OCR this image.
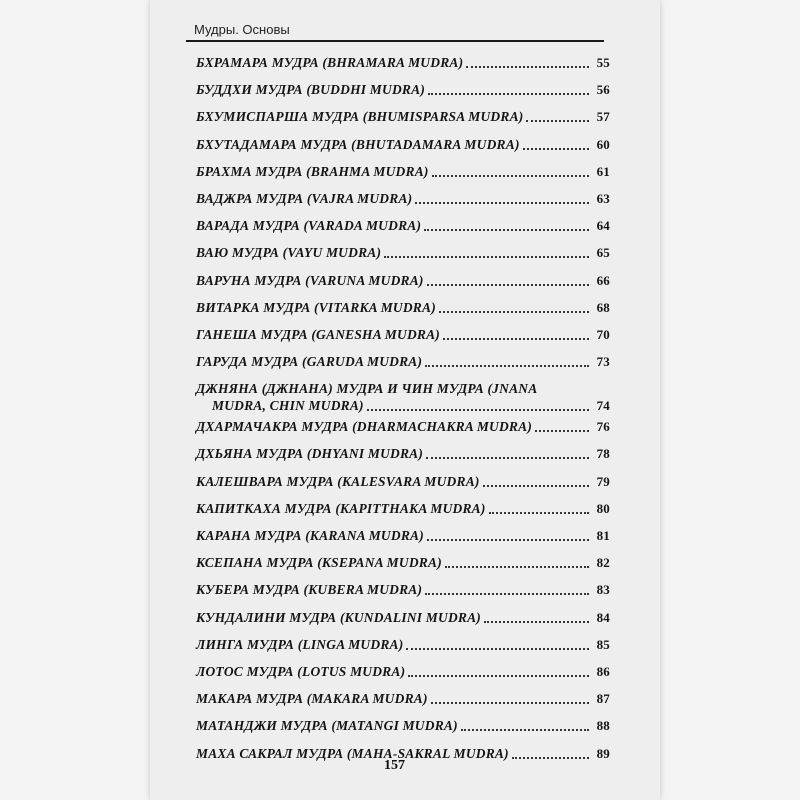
Мудры. Основы
БХРАМАРА МУДРА (BHRAMARA MUDRA)	55
БУДДХИ МУДРА (BUDDHI MUDRA)	56
БХУМИСПАРША МУДРА (BHUMISPARSA MUDRA)	57
БХУТАДАМАРА МУДРА (BHUTADAMARA MUDRA)	60
БРАХМА МУДРА (BRAHMA MUDRA)	61
ВАДЖРА МУДРА (VAJRA MUDRA)	63
ВАРАДА МУДРА (VARADA MUDRA)	64
ВАЮ МУДРА (VAYU MUDRA)	65
ВАРУНА МУДРА (VARUNA MUDRA)	66
ВИТАРКА МУДРА (VITARKA MUDRA)	68
ГАНЕША МУДРА (GANESHA MUDRA)	70
ГАРУДА МУДРА (GARUDA MUDRA)	73
ДЖНЯНА (ДЖНАНА) МУДРА И ЧИН МУДРА (JNANA
MUDRA, CHIN MUDRA)	74
ДХАРМАЧАКРА МУДРА (DHARMACHAKRA MUDRA)	76
ДХЬЯНА МУДРА (DHYANI MUDRA)	78
КАЛЕШВАРА МУДРА (KALESVARA MUDRA)	79
КАПИТКАХА МУДРА (KAPITTHAKA MUDRA)	80
КАРАНА МУДРА (KARANA MUDRA)	81
КСЕПАНА МУДРА (KSEPANA MUDRA)	82
КУБЕРА МУДРА (KUBERA MUDRA)	83
КУНДАЛИНИ МУДРА (KUNDALINI MUDRA)	84
ЛИНГА МУДРА (LINGA MUDRA)	85
ЛОТОС МУДРА (LOTUS MUDRA)	86
МАКАРА МУДРА (MAKARA MUDRA)	87
МАТАНДЖИ МУДРА (MATANGI MUDRA)	88
МАХА САКРАЛ МУДРА (MAHA-SAKRAL MUDRA)	89
157
